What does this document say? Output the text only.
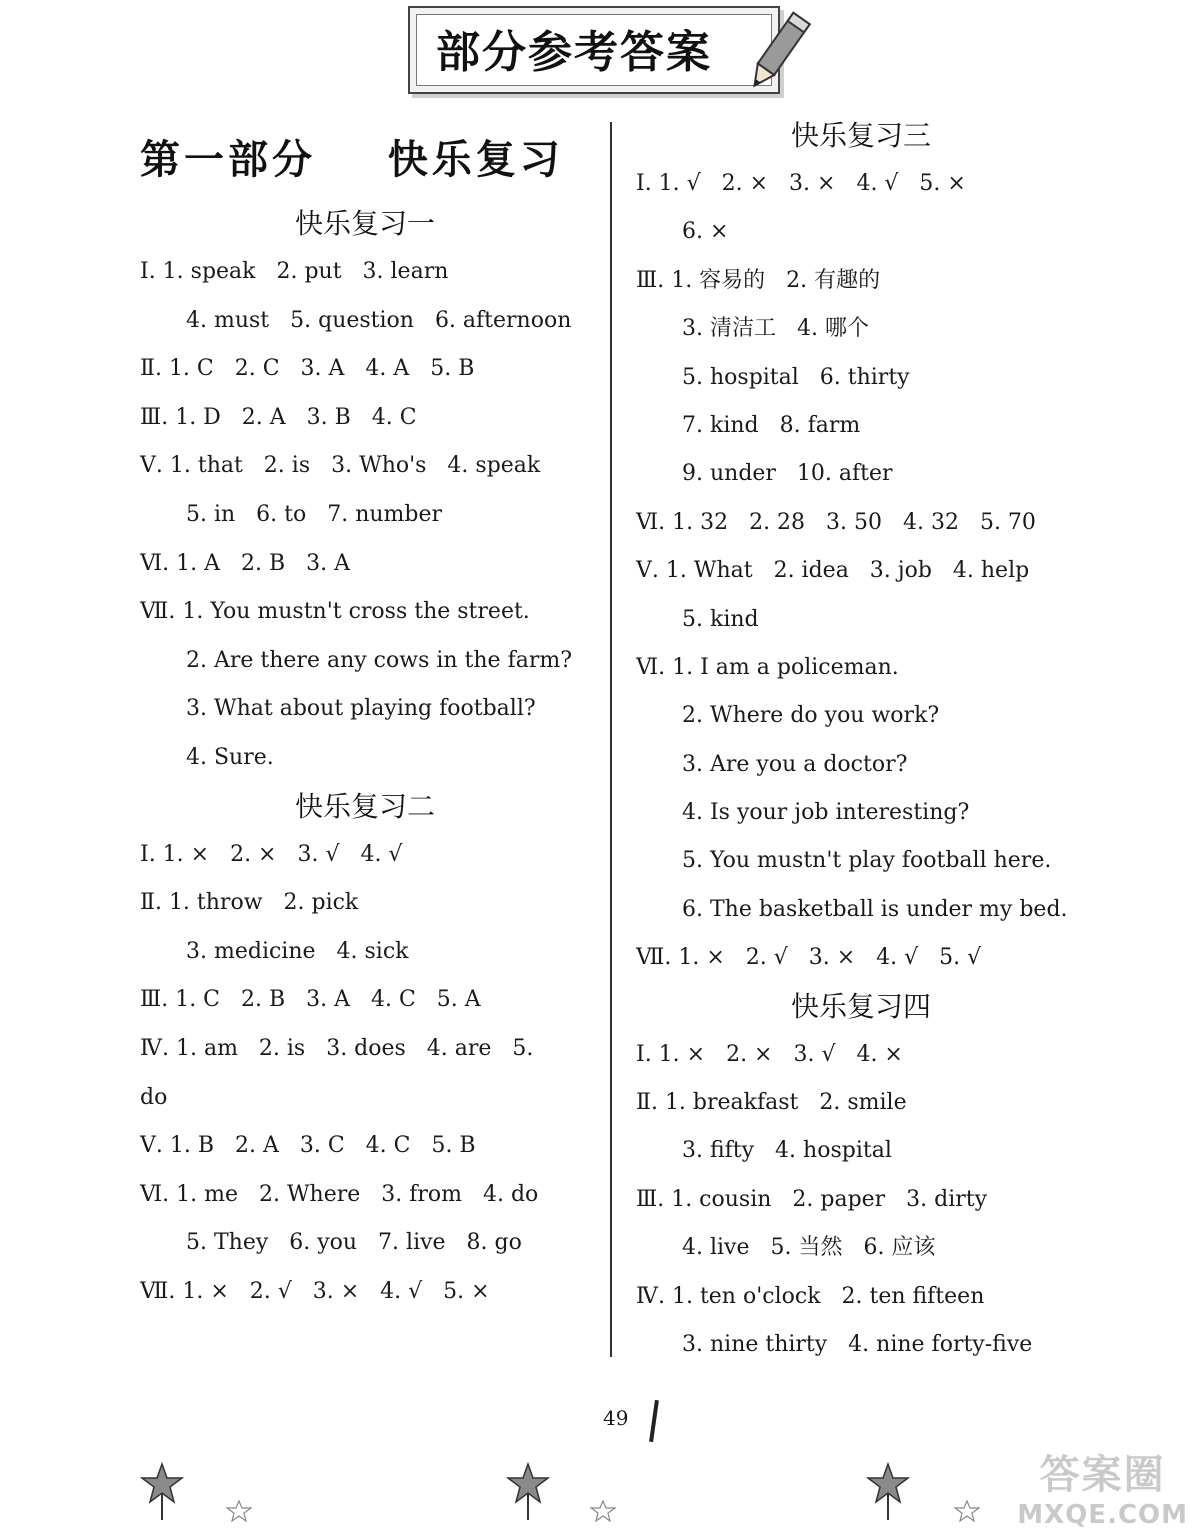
部分参考答案
第一部分    快乐复习
快乐复习一
Ⅰ. 1. speak   2. put   3. learn
4. must   5. question   6. afternoon
Ⅱ. 1. C   2. C   3. A   4. A   5. B
Ⅲ. 1. D   2. A   3. B   4. C
Ⅴ. 1. that   2. is   3. Who's   4. speak
5. in   6. to   7. number
Ⅵ. 1. A   2. B   3. A
Ⅶ. 1. You mustn't cross the street.
2. Are there any cows in the farm?
3. What about playing football?
4. Sure.
快乐复习二
Ⅰ. 1. ×   2. ×   3. √   4. √
Ⅱ. 1. throw   2. pick
3. medicine   4. sick
Ⅲ. 1. C   2. B   3. A   4. C   5. A
Ⅳ. 1. am   2. is   3. does   4. are   5.
do
Ⅴ. 1. B   2. A   3. C   4. C   5. B
Ⅵ. 1. me   2. Where   3. from   4. do
5. They   6. you   7. live   8. go
Ⅶ. 1. ×   2. √   3. ×   4. √   5. ×
快乐复习三
Ⅰ. 1. √   2. ×   3. ×   4. √   5. ×
6. ×
Ⅲ. 1. 容易的   2. 有趣的
3. 清洁工   4. 哪个
5. hospital   6. thirty
7. kind   8. farm
9. under   10. after
Ⅵ. 1. 32   2. 28   3. 50   4. 32   5. 70
Ⅴ. 1. What   2. idea   3. job   4. help
5. kind
Ⅵ. 1. I am a policeman.
2. Where do you work?
3. Are you a doctor?
4. Is your job interesting?
5. You mustn't play football here.
6. The basketball is under my bed.
Ⅶ. 1. ×   2. √   3. ×   4. √   5. √
快乐复习四
Ⅰ. 1. ×   2. ×   3. √   4. ×
Ⅱ. 1. breakfast   2. smile
3. fifty   4. hospital
Ⅲ. 1. cousin   2. paper   3. dirty
4. live   5. 当然   6. 应该
Ⅳ. 1. ten o'clock   2. ten fifteen
3. nine thirty   4. nine forty-five
49
答案圈
MXQE.COM
